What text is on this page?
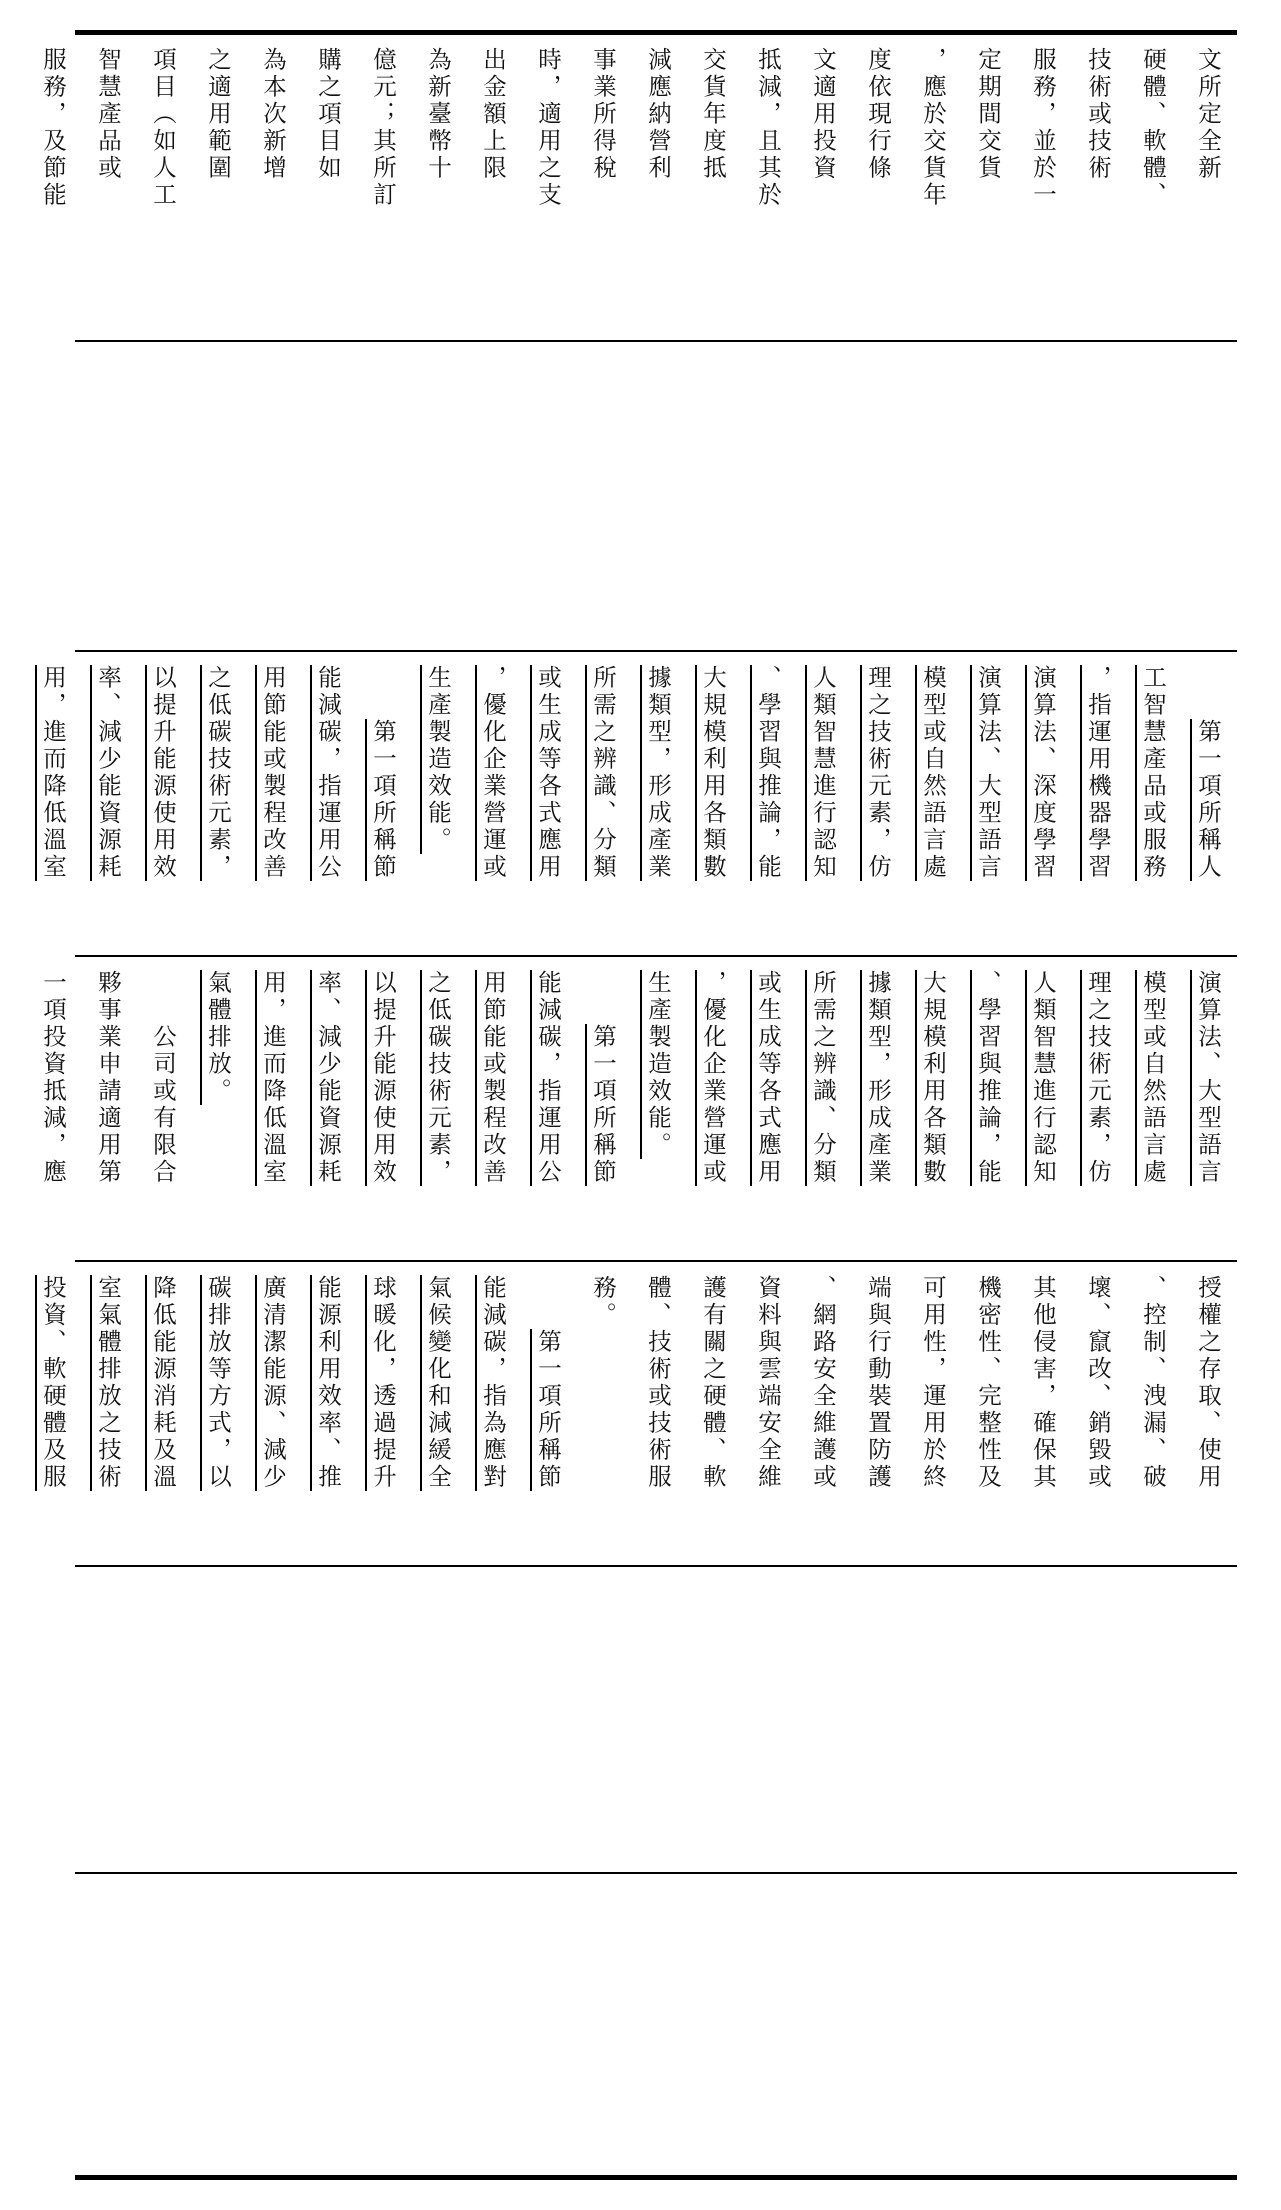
文所定全新

硬體、軟體、

技術或技術

服務，並於一

定期間交貨

，應於交貨年

度依現行條

文適用投資

抵減，且其於

交貨年度抵

減應納營利

事業所得稅

時，適用之支

出金額上限

為新臺幣十

億元；其所訂

購之項目如

為本次新增

之適用範圍

項目（如人工

智慧產品或

服務，及節能

　　第一項所稱人

工智慧產品或服務

，指運用機器學習

演算法、深度學習

演算法、大型語言

模型或自然語言處

理之技術元素，仿

人類智慧進行認知

、學習與推論，能

大規模利用各類數

據類型，形成產業

所需之辨識、分類

或生成等各式應用

，優化企業營運或

生產製造效能。

　　第一項所稱節

能減碳，指運用公

用節能或製程改善

之低碳技術元素，

以提升能源使用效

率、減少能資源耗

用，進而降低溫室

演算法、大型語言

模型或自然語言處

理之技術元素，仿

人類智慧進行認知

、學習與推論，能

大規模利用各類數

據類型，形成產業

所需之辨識、分類

或生成等各式應用

，優化企業營運或

生產製造效能。

　　第一項所稱節

能減碳，指運用公

用節能或製程改善

之低碳技術元素，

以提升能源使用效

率、減少能資源耗

用，進而降低溫室

氣體排放。

　　公司或有限合

夥事業申請適用第

一項投資抵減，應

授權之存取、使用

、控制、洩漏、破

壞、竄改、銷毀或

其他侵害，確保其

機密性、完整性及

可用性，運用於終

端與行動裝置防護

、網路安全維護或

資料與雲端安全維

護有關之硬體、軟

體、技術或技術服

務。

　　第一項所稱節

能減碳，指為應對

氣候變化和減緩全

球暖化，透過提升

能源利用效率、推

廣清潔能源、減少

碳排放等方式，以

降低能源消耗及溫

室氣體排放之技術

投資、軟硬體及服
